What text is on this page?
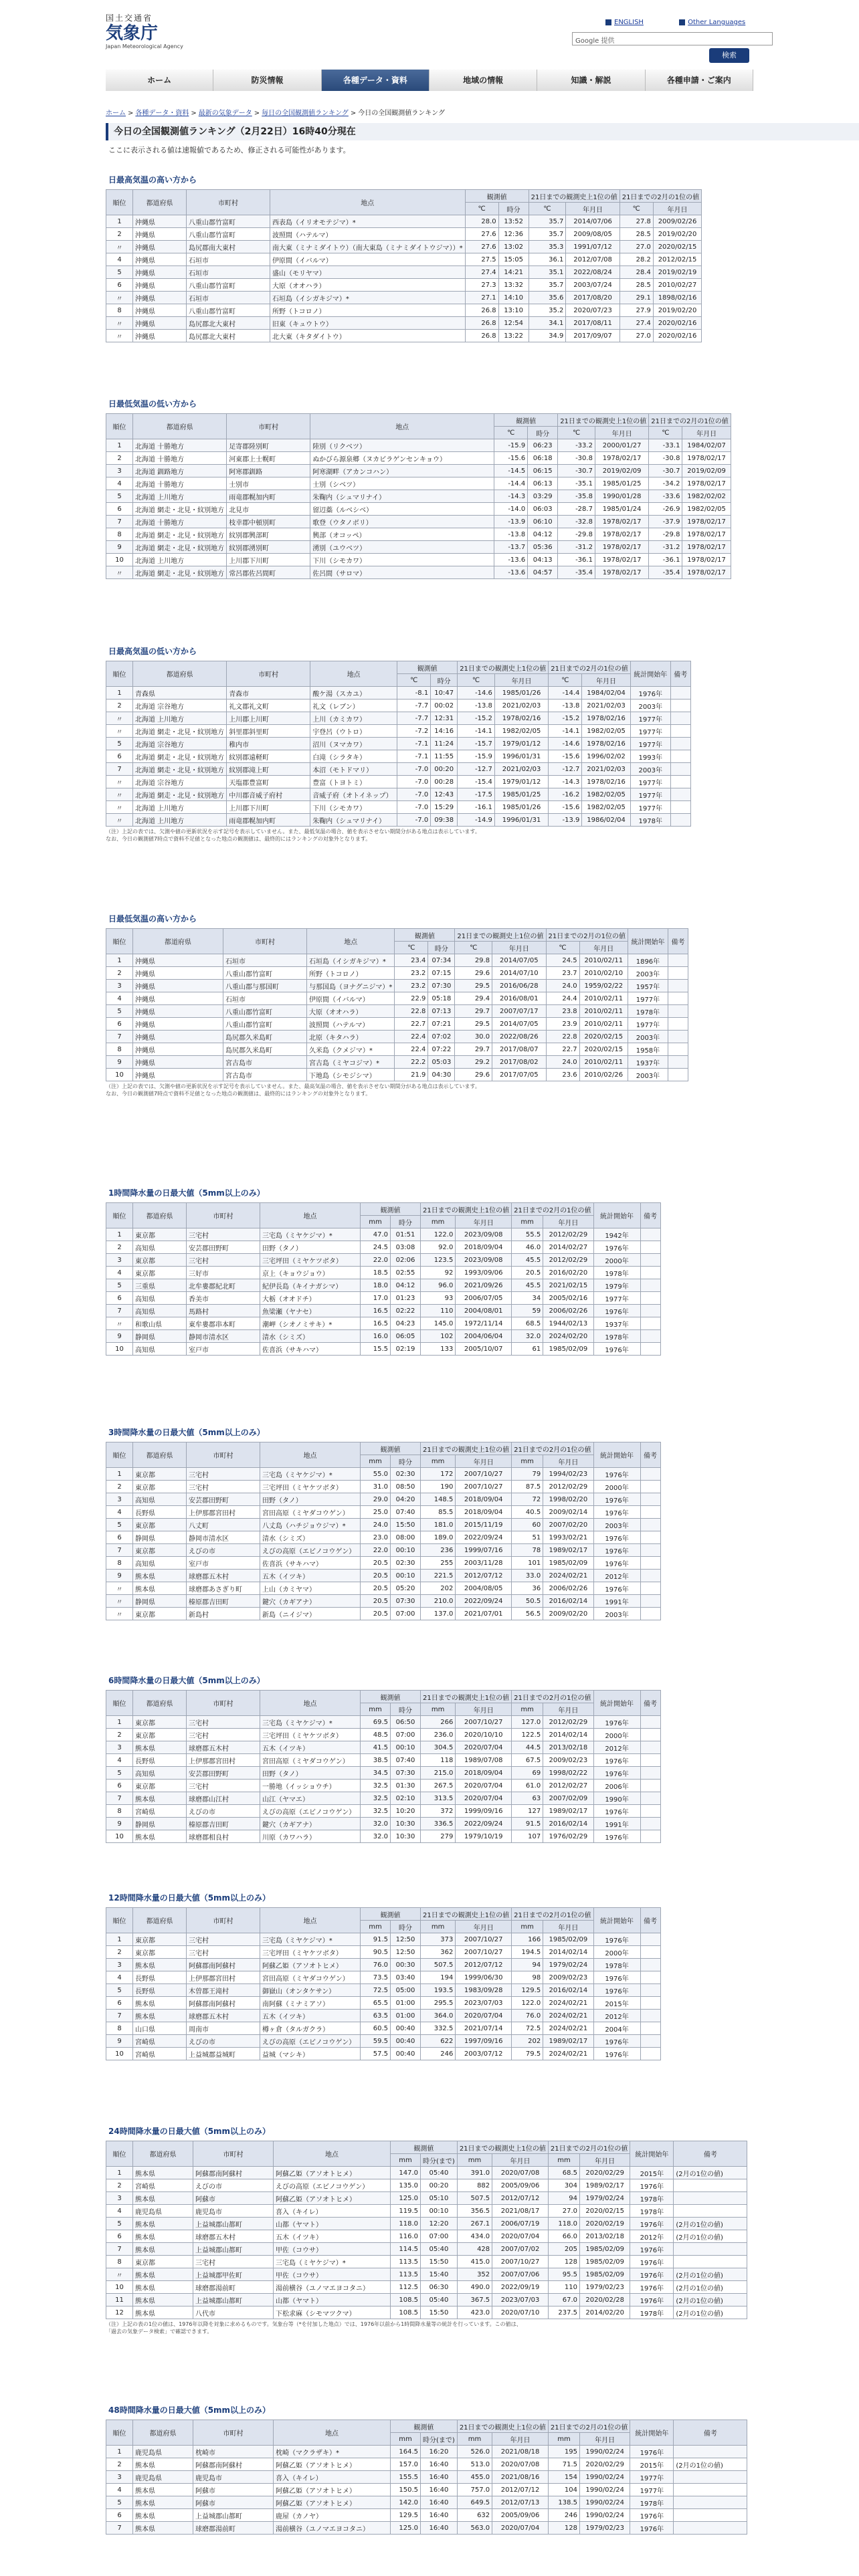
国土交通省
気象庁
Japan Meteorological Agency
ENGLISH	Other Languages
Google 提供
検索
ホーム	防災情報	各種データ・資料	地域の情報	知識・解説	各種申請・ご案内
ホーム > 各種データ・資料 > 最新の気象データ > 毎日の全国観測値ランキング > 今日の全国観測値ランキング
今日の全国観測値ランキング（2月22日）16時40分現在
ここに表示される値は速報値であるため、修正される可能性があります。
日最高気温の高い方から
順位	都道府県	市町村	地点	観測値		21日までの観測史上1位の値		21日までの2月の1位の値	
				℃	時分	℃	年月日	℃	年月日
1	沖縄県	八重山郡竹富町	西表島（イリオモテジマ）*	28.0	13:52	35.7	2014/07/06	27.8	2009/02/26
2	沖縄県	八重山郡竹富町	波照間（ハテルマ）	27.6	12:36	35.7	2009/08/05	28.5	2019/02/20
〃	沖縄県	島尻郡南大東村	南大東（ミナミダイトウ）（南大東島（ミナミダイトウジマ））*	27.6	13:02	35.3	1991/07/12	27.0	2020/02/15
4	沖縄県	石垣市	伊原間（イバルマ）	27.5	15:05	36.1	2012/07/08	28.2	2012/02/15
5	沖縄県	石垣市	盛山（モリヤマ）	27.4	14:21	35.1	2022/08/24	28.4	2019/02/19
6	沖縄県	八重山郡竹富町	大原（オオハラ）	27.3	13:32	35.7	2003/07/24	28.5	2010/02/27
〃	沖縄県	石垣市	石垣島（イシガキジマ）*	27.1	14:10	35.6	2017/08/20	29.1	1898/02/16
8	沖縄県	八重山郡竹富町	所野（トコロノ）	26.8	13:10	35.2	2020/07/23	27.9	2019/02/20
〃	沖縄県	島尻郡北大東村	旧東（キュウトウ）	26.8	12:54	34.1	2017/08/11	27.4	2020/02/16
〃	沖縄県	島尻郡北大東村	北大東（キタダイトウ）	26.8	13:22	34.9	2017/09/07	27.0	2020/02/16
日最低気温の低い方から
順位	都道府県	市町村	地点	観測値		21日までの観測史上1位の値		21日までの2月の1位の値	
				℃	時分	℃	年月日	℃	年月日
1	北海道 十勝地方	足寄郡陸別町	陸別（リクベツ）	-15.9	06:23	-33.2	2000/01/27	-33.1	1984/02/07
2	北海道 十勝地方	河東郡上士幌町	ぬかびら源泉郷（ヌカビラゲンセンキョウ）	-15.6	06:18	-30.8	1978/02/17	-30.8	1978/02/17
3	北海道 釧路地方	阿寒郡釧路	阿寒湖畔（アカンコハン）	-14.5	06:15	-30.7	2019/02/09	-30.7	2019/02/09
4	北海道 十勝地方	士別市	士別（シベツ）	-14.4	06:13	-35.1	1985/01/25	-34.2	1978/02/17
5	北海道 上川地方	雨竜郡幌加内町	朱鞠内（シュマリナイ）	-14.3	03:29	-35.8	1990/01/28	-33.6	1982/02/02
6	北海道 網走・北見・紋別地方	北見市	留辺蘂（ルベシベ）	-14.0	06:03	-28.7	1985/01/24	-26.9	1982/02/05
7	北海道 十勝地方	枝幸郡中頓別町	歌登（ウタノボリ）	-13.9	06:10	-32.8	1978/02/17	-37.9	1978/02/17
8	北海道 網走・北見・紋別地方	紋別郡興部町	興部（オコッペ）	-13.8	04:12	-29.8	1978/02/17	-29.8	1978/02/17
9	北海道 網走・北見・紋別地方	紋別郡湧別町	湧別（ユウベツ）	-13.7	05:36	-31.2	1978/02/17	-31.2	1978/02/17
10	北海道 上川地方	上川郡下川町	下川（シモカワ）	-13.6	04:13	-36.1	1978/02/17	-36.1	1978/02/17
〃	北海道 網走・北見・紋別地方	常呂郡佐呂間町	佐呂間（サロマ）	-13.6	04:57	-35.4	1978/02/17	-35.4	1978/02/17
日最高気温の低い方から
順位	都道府県	市町村	地点	観測値		21日までの観測史上1位の値		21日までの2月の1位の値		統計開始年	備考
				℃	時分	℃	年月日	℃	年月日		
1	青森県	青森市	酸ケ湯（スカユ）	-8.1	10:47	-14.6	1985/01/26	-14.4	1984/02/04	1976年	
2	北海道 宗谷地方	礼文郡礼文町	礼文（レブン）	-7.7	00:02	-13.8	2021/02/03	-13.8	2021/02/03	2003年	
〃	北海道 上川地方	上川郡上川町	上川（カミカワ）	-7.7	12:31	-15.2	1978/02/16	-15.2	1978/02/16	1977年	
〃	北海道 網走・北見・紋別地方	斜里郡斜里町	宇登呂（ウトロ）	-7.2	14:16	-14.1	1982/02/05	-14.1	1982/02/05	1977年	
5	北海道 宗谷地方	稚内市	沼川（ヌマカワ）	-7.1	11:24	-15.7	1979/01/12	-14.6	1978/02/16	1977年	
6	北海道 網走・北見・紋別地方	紋別郡遠軽町	白滝（シラタキ）	-7.1	11:55	-15.9	1996/01/31	-15.6	1996/02/02	1993年	
7	北海道 網走・北見・紋別地方	紋別郡滝上町	本沼（モトドマリ）	-7.0	00:20	-12.7	2021/02/03	-12.7	2021/02/03	2003年	
〃	北海道 宗谷地方	天塩郡豊富町	豊富（トヨトミ）	-7.0	00:28	-15.4	1979/01/12	-14.3	1978/02/16	1977年	
〃	北海道 網走・北見・紋別地方	中川郡音威子府村	音威子府（オトイネップ）	-7.0	12:43	-17.5	1985/01/25	-16.2	1982/02/05	1977年	
〃	北海道 上川地方	上川郡下川町	下川（シモカワ）	-7.0	15:29	-16.1	1985/01/26	-15.6	1982/02/05	1977年	
〃	北海道 上川地方	雨竜郡幌加内町	朱鞠内（シュマリナイ）	-7.0	09:38	-14.9	1996/01/31	-13.9	1986/02/04	1978年	
（注）上記の表では、欠測や値の更新状況を示す記号を表示していません。また、最低気温の場合、値を表示させない期間分がある地点は表示しています。
なお、今日の観測値7時点で資料不足値となった地点の観測値は、最終的にはランキングの対象外となります。
日最低気温の高い方から
順位	都道府県	市町村	地点	観測値		21日までの観測史上1位の値		21日までの2月の1位の値		統計開始年	備考
				℃	時分	℃	年月日	℃	年月日		
1	沖縄県	石垣市	石垣島（イシガキジマ）*	23.4	07:34	29.8	2014/07/05	24.5	2010/02/11	1896年	
2	沖縄県	八重山郡竹富町	所野（トコロノ）	23.2	07:15	29.6	2014/07/10	23.7	2010/02/10	2003年	
3	沖縄県	八重山郡与那国町	与那国島（ヨナグニジマ）*	23.2	07:30	29.5	2016/06/28	24.0	1959/02/22	1957年	
4	沖縄県	石垣市	伊原間（イバルマ）	22.9	05:18	29.4	2016/08/01	24.4	2010/02/11	1977年	
5	沖縄県	八重山郡竹富町	大原（オオハラ）	22.8	07:13	29.7	2007/07/17	23.8	2010/02/11	1978年	
6	沖縄県	八重山郡竹富町	波照間（ハテルマ）	22.7	07:21	29.5	2014/07/05	23.9	2010/02/11	1977年	
7	沖縄県	島尻郡久米島町	北原（キタハラ）	22.4	07:02	30.0	2022/08/26	22.8	2020/02/15	2003年	
8	沖縄県	島尻郡久米島町	久米島（クメジマ）*	22.4	07:22	29.7	2017/08/07	22.7	2020/02/15	1958年	
9	沖縄県	宮古島市	宮古島（ミヤコジマ）*	22.2	05:03	29.2	2017/08/02	24.0	2010/02/11	1937年	
10	沖縄県	宮古島市	下地島（シモジシマ）	21.9	04:30	29.6	2017/07/05	23.6	2010/02/26	2003年	
（注）上記の表では、欠測や値の更新状況を示す記号を表示していません。また、最高気温の場合、値を表示させない期間分がある地点は表示しています。
なお、今日の観測値7時点で資料不足値となった地点の観測値は、最終的にはランキングの対象外となります。
1時間降水量の日最大値（5mm以上のみ）
順位	都道府県	市町村	地点	観測値		21日までの観測史上1位の値		21日までの2月の1位の値		統計開始年	備考
				mm	時分	mm	年月日	mm	年月日		
1	東京都	三宅村	三宅島（ミヤケジマ）*	47.0	01:51	122.0	2023/09/08	55.5	2012/02/29	1942年	
2	高知県	安芸郡田野町	田野（タノ）	24.5	03:08	92.0	2018/09/04	46.0	2014/02/27	1976年	
3	東京都	三宅村	三宅坪田（ミヤケツボタ）	22.0	02:06	123.5	2023/09/08	45.5	2012/02/29	2000年	
4	東京都	三好市	京上（キョウジョウ）	18.5	02:55	92	1993/09/06	20.5	2016/02/20	1978年	
5	三重県	北牟婁郡紀北町	紀伊長島（キイナガシマ）	18.0	04:12	96.0	2021/09/26	45.5	2021/02/15	1979年	
6	高知県	香美市	大栃（オオドチ）	17.0	01:23	93	2006/07/05	34	2005/02/16	1977年	
7	高知県	馬路村	魚梁瀬（ヤナセ）	16.5	02:22	110	2004/08/01	59	2006/02/26	1976年	
〃	和歌山県	東牟婁郡串本町	潮岬（シオノミサキ）*	16.5	04:23	145.0	1972/11/14	68.5	1944/02/13	1937年	
9	静岡県	静岡市清水区	清水（シミズ）	16.0	06:05	102	2004/06/04	32.0	2024/02/20	1978年	
10	高知県	室戸市	佐喜浜（サキハマ）	15.5	02:19	133	2005/10/07	61	1985/02/09	1976年	
3時間降水量の日最大値（5mm以上のみ）
順位	都道府県	市町村	地点	観測値		21日までの観測史上1位の値		21日までの2月の1位の値		統計開始年	備考
				mm	時分	mm	年月日	mm	年月日		
1	東京都	三宅村	三宅島（ミヤケジマ）*	55.0	02:30	172	2007/10/27	79	1994/02/23	1976年	
2	東京都	三宅村	三宅坪田（ミヤケツボタ）	31.0	08:50	190	2007/10/27	87.5	2012/02/29	2000年	
3	高知県	安芸郡田野町	田野（タノ）	29.0	04:20	148.5	2018/09/04	72	1998/02/20	1976年	
4	長野県	上伊那郡宮田村	宮田高原（ミヤダコウゲン）	25.0	07:40	85.5	2018/09/04	40.5	2009/02/14	1976年	
5	東京都	八丈町	八丈島（ハチジョウジマ）*	24.0	15:50	181.0	2015/11/19	60	2007/02/20	2003年	
6	静岡県	静岡市清水区	清水（シミズ）	23.0	08:00	189.0	2022/09/24	51	1993/02/21	1976年	
7	東京都	えびの市	えびの高原（エビノコウゲン）	22.0	00:10	236	1999/07/16	78	1989/02/17	1976年	
8	高知県	室戸市	佐喜浜（サキハマ）	20.5	02:30	255	2003/11/28	101	1985/02/09	1976年	
9	熊本県	球磨郡五木村	五木（イツキ）	20.5	00:10	221.5	2012/07/12	33.0	2024/02/21	2012年	
〃	熊本県	球磨郡あさぎり町	上山（カミヤマ）	20.5	05:20	202	2004/08/05	36	2006/02/26	1976年	
〃	静岡県	榛原郡吉田町	鍵穴（カギアナ）	20.5	07:30	210.0	2022/09/24	50.5	2016/02/14	1991年	
〃	東京都	新島村	新島（ニイジマ）	20.5	07:00	137.0	2021/07/01	56.5	2009/02/20	2003年	
6時間降水量の日最大値（5mm以上のみ）
順位	都道府県	市町村	地点	観測値		21日までの観測史上1位の値		21日までの2月の1位の値		統計開始年	備考
				mm	時分	mm	年月日	mm	年月日		
1	東京都	三宅村	三宅島（ミヤケジマ）*	69.5	06:50	266	2007/10/27	127.0	2012/02/29	1976年	
2	東京都	三宅村	三宅坪田（ミヤケツボタ）	48.5	07:00	236.0	2020/10/10	122.5	2014/02/14	2000年	
3	熊本県	球磨郡五木村	五木（イツキ）	41.5	00:10	304.5	2020/07/04	44.5	2013/02/18	2012年	
4	長野県	上伊那郡宮田村	宮田高原（ミヤダコウゲン）	38.5	07:40	118	1989/07/08	67.5	2009/02/23	1976年	
5	高知県	安芸郡田野町	田野（タノ）	34.5	07:30	215.0	2018/09/04	69	1998/02/22	1976年	
6	東京都	三宅村	一勝地（イッショウチ）	32.5	01:30	267.5	2020/07/04	61.0	2012/02/27	2006年	
7	熊本県	球磨郡山江村	山江（ヤマエ）	32.5	02:10	313.5	2020/07/04	63	2007/02/09	1990年	
8	宮崎県	えびの市	えびの高原（エビノコウゲン）	32.5	10:20	372	1999/09/16	127	1989/02/17	1976年	
9	静岡県	榛原郡吉田町	鍵穴（カギアナ）	32.0	10:30	336.5	2022/09/24	91.5	2016/02/14	1991年	
10	熊本県	球磨郡相良村	川原（カワハラ）	32.0	10:30	279	1979/10/19	107	1976/02/29	1976年	
12時間降水量の日最大値（5mm以上のみ）
順位	都道府県	市町村	地点	観測値		21日までの観測史上1位の値		21日までの2月の1位の値		統計開始年	備考
				mm	時分	mm	年月日	mm	年月日		
1	東京都	三宅村	三宅島（ミヤケジマ）*	91.5	12:50	373	2007/10/27	166	1985/02/09	1976年	
2	東京都	三宅村	三宅坪田（ミヤケツボタ）	90.5	12:50	362	2007/10/27	194.5	2014/02/14	2000年	
3	熊本県	阿蘇郡南阿蘇村	阿蘇乙姫（アソオトヒメ）	76.0	00:30	507.5	2012/07/12	94	1979/02/24	1978年	
4	長野県	上伊那郡宮田村	宮田高原（ミヤダコウゲン）	73.5	03:40	194	1999/06/30	98	2009/02/23	1976年	
5	長野県	木曽郡王滝村	御嶽山（オンタケサン）	72.5	05:00	193.5	1983/09/28	129.5	2016/02/14	1976年	
6	熊本県	阿蘇郡南阿蘇村	南阿蘇（ミナミアソ）	65.5	01:00	295.5	2023/07/03	122.0	2024/02/21	2015年	
7	熊本県	球磨郡五木村	五木（イツキ）	63.5	01:00	364.0	2020/07/04	76.0	2024/02/21	2012年	
8	山口県	周南市	樽ヶ倉（タルガクラ）	60.5	00:40	332.5	2021/07/14	72.5	2024/02/21	2004年	
9	宮崎県	えびの市	えびの高原（エビノコウゲン）	59.5	00:40	622	1997/09/16	202	1989/02/17	1976年	
10	宮崎県	上益城郡益城町	益城（マシキ）	57.5	00:40	246	2003/07/12	79.5	2024/02/21	1976年	
24時間降水量の日最大値（5mm以上のみ）
順位	都道府県	市町村	地点	観測値		21日までの観測史上1位の値		21日までの2月の1位の値		統計開始年	備考
				mm	時分(まで)	mm	年月日	mm	年月日		
1	熊本県	阿蘇郡南阿蘇村	阿蘇乙姫（アソオトヒメ）	147.0	05:40	391.0	2020/07/08	68.5	2020/02/29	2015年	(2月の1位の値)
2	宮崎県	えびの市	えびの高原（エビノコウゲン）	135.0	00:20	882	2005/09/06	304	1989/02/17	1976年	
3	熊本県	阿蘇市	阿蘇乙姫（アソオトヒメ）	125.0	05:10	507.5	2012/07/12	94	1979/02/24	1978年	
4	鹿児島県	鹿児島市	喜入（キイレ）	119.5	00:10	356.5	2021/08/17	27.0	2020/02/15	1978年	
5	熊本県	上益城郡山都町	山都（ヤマト）	118.0	12:20	267.1	2006/07/19	118.0	2020/02/19	1976年	(2月の1位の値)
6	熊本県	球磨郡五木村	五木（イツキ）	116.0	07:00	434.0	2020/07/04	66.0	2013/02/18	2012年	(2月の1位の値)
7	熊本県	上益城郡山都町	甲佐（コウサ）	114.5	05:40	428	2007/07/02	205	1985/02/09	1976年	
8	東京都	三宅村	三宅島（ミヤケジマ）*	113.5	15:50	415.0	2007/10/27	128	1985/02/09	1976年	
〃	熊本県	上益城郡甲佐町	甲佐（コウサ）	113.5	15:40	352	2007/07/06	95.5	1985/02/09	1976年	(2月の1位の値)
10	熊本県	球磨郡湯前町	湯前横谷（ユノマエヨコタニ）	112.5	06:30	490.0	2022/09/19	110	1979/02/23	1976年	(2月の1位の値)
11	熊本県	上益城郡山都町	山都（ヤマト）	108.5	05:40	367.5	2023/07/03	67.0	2020/02/28	1976年	(2月の1位の値)
12	熊本県	八代市	下松求麻（シモマツクマ）	108.5	15:50	423.0	2020/07/10	237.5	2014/02/20	1978年	(2月の1位の値)
（注）上記の表の1位の値は、1976年以降を対象に求めるものです。気象台等（*を付加した地点）では、1976年以前から1時間降水量等の統計を行っています。この値は、
「過去の気象データ検索」で確認できます。
48時間降水量の日最大値（5mm以上のみ）
順位	都道府県	市町村	地点	観測値		21日までの観測史上1位の値		21日までの2月の1位の値		統計開始年	備考
				mm	時分(まで)	mm	年月日	mm	年月日		
1	鹿児島県	枕崎市	枕崎（マクラザキ）*	164.5	16:20	526.0	2021/08/18	195	1990/02/24	1976年	
2	熊本県	阿蘇郡南阿蘇村	阿蘇乙姫（アソオトヒメ）	157.0	16:40	513.0	2020/07/08	71.5	2020/02/29	2015年	(2月の1位の値)
3	鹿児島県	鹿児島市	喜入（キイレ）	155.5	16:40	455.0	2021/08/16	154	1990/02/24	1977年	
4	熊本県	阿蘇市	阿蘇乙姫（アソオトヒメ）	150.5	16:40	757.0	2012/07/12	104	1990/02/24	1977年	
5	熊本県	阿蘇市	阿蘇乙姫（アソオトヒメ）	142.0	16:40	649.5	2012/07/13	138.5	1990/02/24	1978年	
6	熊本県	上益城郡山都町	鹿屋（カノヤ）	129.5	16:40	632	2005/09/06	246	1990/02/24	1976年	
7	熊本県	球磨郡湯前町	湯前横谷（ユノマエヨコタニ）	125.0	16:40	563.0	2020/07/04	128	1979/02/23	1976年	
